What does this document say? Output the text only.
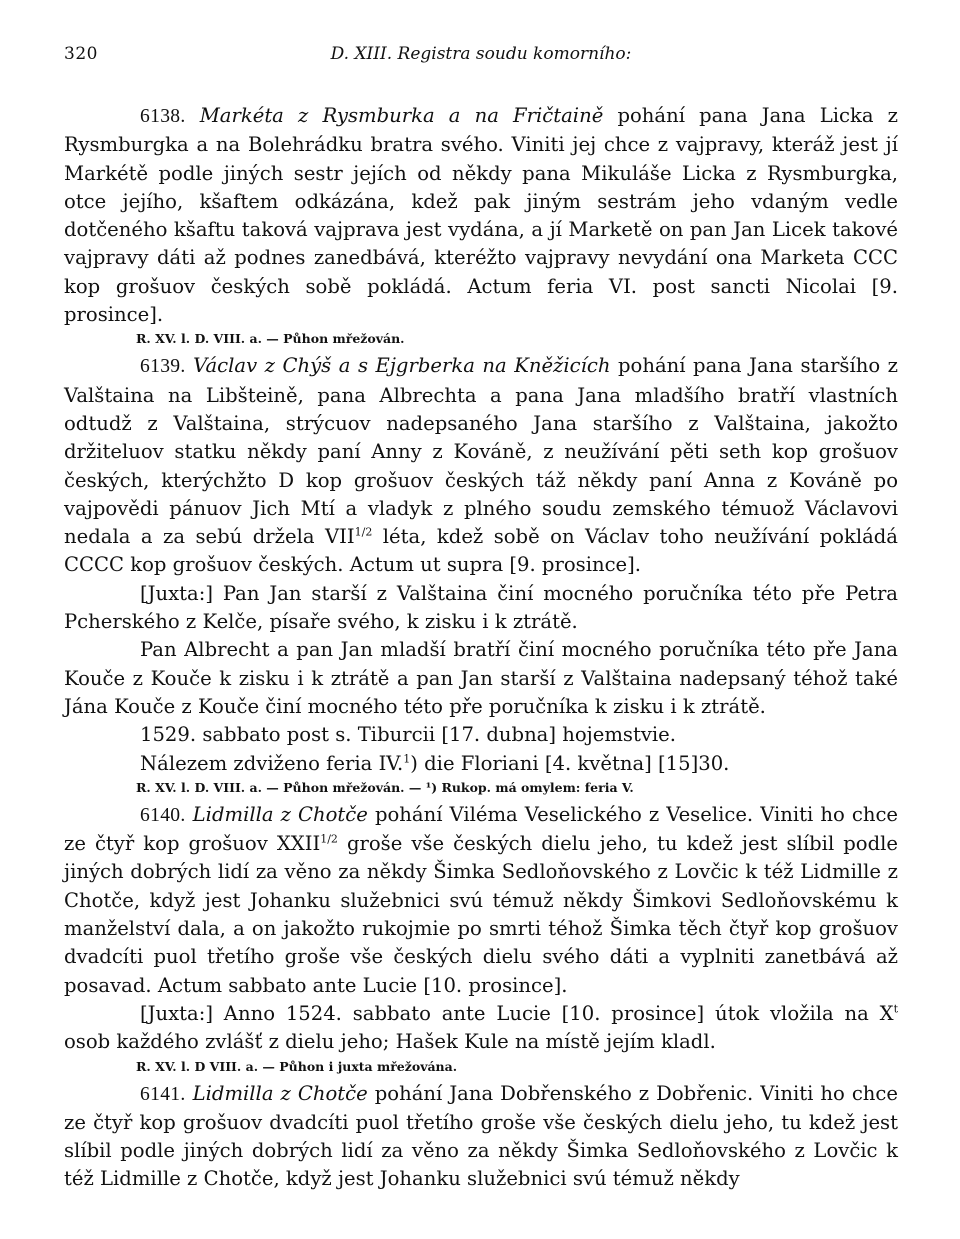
320	D. XIII. Registra soudu komorního:

6138. Markéta z Rysmburka a na Fričtaině pohání pana Jana Licka z Rysmburgka a na Bolehrádku bratra svého. Viniti jej chce z vajpravy, kteráž jest jí Markétě podle jiných sestr jejích od někdy pana Mikuláše Licka z Rysmburgka, otce jejího, kšaftem odkázána, kdež pak jiným sestrám jeho vdaným vedle dotčeného kšaftu taková vajprava jest vydána, a jí Marketě on pan Jan Licek takové vajpravy dáti až podnes zanedbává, kteréžto vajpravy nevydání ona Marketa CCC kop grošuov českých sobě pokládá. Actum feria VI. post sancti Nicolai [9. prosince].

R. XV. l. D. VIII. a. — Půhon mřežován.

6139. Václav z Chýš a s Ejgrberka na Kněžicích pohání pana Jana staršího z Valštaina na Libšteině, pana Albrechta a pana Jana mladšího bratří vlastních odtudž z Valštaina, strýcuov nadepsaného Jana staršího z Valštaina, jakožto držiteluov statku někdy paní Anny z Kováně, z neužívání pěti seth kop grošuov českých, kterýchžto D kop grošuov českých táž někdy paní Anna z Kováně po vajpovědi pánuov Jich Mtí a vladyk z plného soudu zemského témuož Václavovi nedala a za sebú držela $VII^{1/2}$ léta, kdež sobě on Václav toho neužívání pokládá CCCC kop grošuov českých. Actum ut supra [9. prosince].

[Juxta:] Pan Jan starší z Valštaina činí mocného poručníka této pře Petra Pcherského z Kelče, písaře svého, k zisku i k ztrátě.

Pan Albrecht a pan Jan mladší bratří činí mocného poručníka této pře Jana Kouče z Kouče k zisku i k ztrátě a pan Jan starší z Valštaina nadepsaný téhož také Jána Kouče z Kouče činí mocného této pře poručníka k zisku i k ztrátě.

1529. sabbato post s. Tiburcii [17. dubna] hojemstvie.

Nálezem zdviženo feria IV.$^1$) die Floriani [4. května] [15]30.

R. XV. l. D. VIII. a. — Půhon mřežován. — ¹) Rukop. má omylem: feria V.

6140. Lidmilla z Chotče pohání Viléma Veselického z Veselice. Viniti ho chce ze čtyř kop grošuov $XXII^{1/2}$ groše vše českých dielu jeho, tu kdež jest slíbil podle jiných dobrých lidí za věno za někdy Šimka Sedloňovského z Lovčic k též Lidmille z Chotče, když jest Johanku služebnici svú témuž někdy Šimkovi Sedloňovskému k manželství dala, a on jakožto rukojmie po smrti téhož Šimka těch čtyř kop grošuov dvadcíti puol třetího groše vše českých dielu svého dáti a vyplniti zanetbává až posavad. Actum sabbato ante Lucie [10. prosince].

[Juxta:] Anno 1524. sabbato ante Lucie [10. prosince] útok vložila na $X^t$ osob každého zvlášť z dielu jeho; Hašek Kule na místě jejím kladl.

R. XV. l. D VIII. a. — Půhon i juxta mřežována.

6141. Lidmilla z Chotče pohání Jana Dobřenského z Dobřenic. Viniti ho chce ze čtyř kop grošuov dvadcíti puol třetího groše vše českých dielu jeho, tu kdež jest slíbil podle jiných dobrých lidí za věno za někdy Šimka Sedloňovského z Lovčic k též Lidmille z Chotče, když jest Johanku služebnici svú témuž někdy
